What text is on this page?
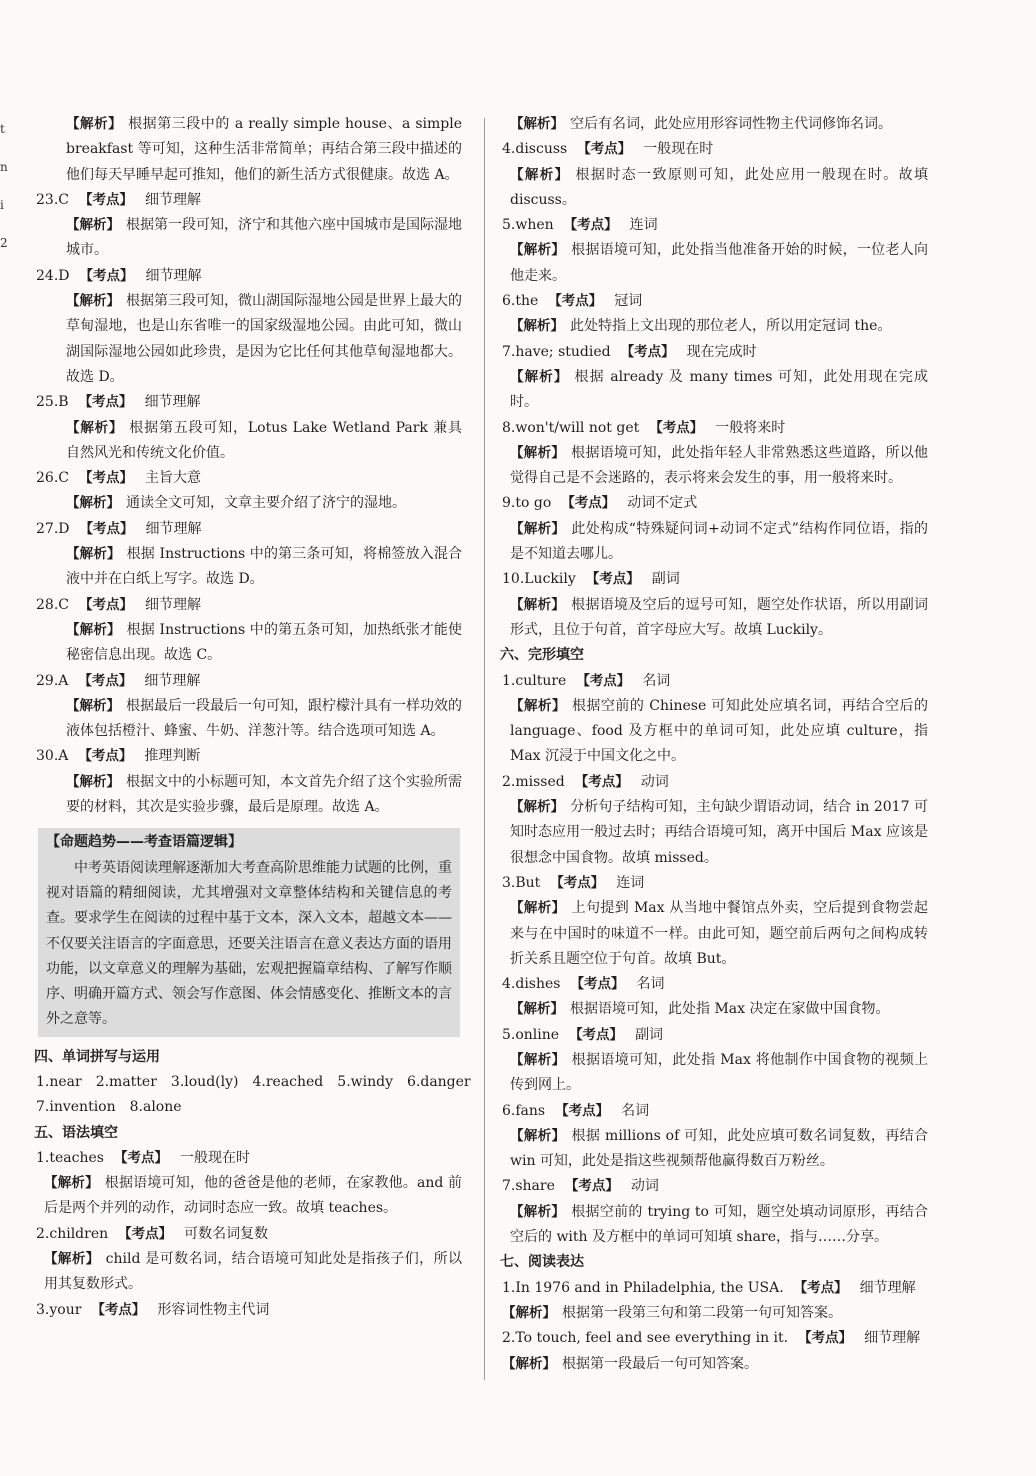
t
n
i
2
【解析】 根据第三段中的 a really simple house、a simple breakfast 等可知，这种生活非常简单；再结合第三段中描述的他们每天早睡早起可推知，他们的新生活方式很健康。故选 A。
23.C 【考点】 细节理解
【解析】 根据第一段可知，济宁和其他六座中国城市是国际湿地城市。
24.D 【考点】 细节理解
【解析】 根据第三段可知，微山湖国际湿地公园是世界上最大的草甸湿地，也是山东省唯一的国家级湿地公园。由此可知，微山湖国际湿地公园如此珍贵，是因为它比任何其他草甸湿地都大。故选 D。
25.B 【考点】 细节理解
【解析】 根据第五段可知，Lotus Lake Wetland Park 兼具自然风光和传统文化价值。
26.C 【考点】 主旨大意
【解析】 通读全文可知，文章主要介绍了济宁的湿地。
27.D 【考点】 细节理解
【解析】 根据 Instructions 中的第三条可知，将棉签放入混合液中并在白纸上写字。故选 D。
28.C 【考点】 细节理解
【解析】 根据 Instructions 中的第五条可知，加热纸张才能使秘密信息出现。故选 C。
29.A 【考点】 细节理解
【解析】 根据最后一段最后一句可知，跟柠檬汁具有一样功效的液体包括橙汁、蜂蜜、牛奶、洋葱汁等。结合选项可知选 A。
30.A 【考点】 推理判断
【解析】 根据文中的小标题可知，本文首先介绍了这个实验所需要的材料，其次是实验步骤，最后是原理。故选 A。
【命题趋势——考查语篇逻辑】
中考英语阅读理解逐渐加大考查高阶思维能力试题的比例，重视对语篇的精细阅读，尤其增强对文章整体结构和关键信息的考查。要求学生在阅读的过程中基于文本，深入文本，超越文本——不仅要关注语言的字面意思，还要关注语言在意义表达方面的语用功能，以文章意义的理解为基础，宏观把握篇章结构、了解写作顺序、明确开篇方式、领会写作意图、体会情感变化、推断文本的言外之意等。
四、单词拼写与运用
1.near 2.matter 3.loud(ly) 4.reached 5.windy 6.danger
7.invention 8.alone
五、语法填空
1.teaches 【考点】 一般现在时
【解析】 根据语境可知，他的爸爸是他的老师，在家教他。and 前后是两个并列的动作，动词时态应一致。故填 teaches。
2.children 【考点】 可数名词复数
【解析】 child 是可数名词，结合语境可知此处是指孩子们，所以用其复数形式。
3.your 【考点】 形容词性物主代词
【解析】 空后有名词，此处应用形容词性物主代词修饰名词。
4.discuss 【考点】 一般现在时
【解析】 根据时态一致原则可知，此处应用一般现在时。故填 discuss。
5.when 【考点】 连词
【解析】 根据语境可知，此处指当他准备开始的时候，一位老人向他走来。
6.the 【考点】 冠词
【解析】 此处特指上文出现的那位老人，所以用定冠词 the。
7.have; studied 【考点】 现在完成时
【解析】 根据 already 及 many times 可知，此处用现在完成时。
8.won't/will not get 【考点】 一般将来时
【解析】 根据语境可知，此处指年轻人非常熟悉这些道路，所以他觉得自己是不会迷路的，表示将来会发生的事，用一般将来时。
9.to go 【考点】 动词不定式
【解析】 此处构成“特殊疑问词+动词不定式”结构作同位语，指的是不知道去哪儿。
10.Luckily 【考点】 副词
【解析】 根据语境及空后的逗号可知，题空处作状语，所以用副词形式，且位于句首，首字母应大写。故填 Luckily。
六、完形填空
1.culture 【考点】 名词
【解析】 根据空前的 Chinese 可知此处应填名词，再结合空后的 language、food 及方框中的单词可知，此处应填 culture，指 Max 沉浸于中国文化之中。
2.missed 【考点】 动词
【解析】 分析句子结构可知，主句缺少谓语动词，结合 in 2017 可知时态应用一般过去时；再结合语境可知，离开中国后 Max 应该是很想念中国食物。故填 missed。
3.But 【考点】 连词
【解析】 上句提到 Max 从当地中餐馆点外卖，空后提到食物尝起来与在中国时的味道不一样。由此可知，题空前后两句之间构成转折关系且题空位于句首。故填 But。
4.dishes 【考点】 名词
【解析】 根据语境可知，此处指 Max 决定在家做中国食物。
5.online 【考点】 副词
【解析】 根据语境可知，此处指 Max 将他制作中国食物的视频上传到网上。
6.fans 【考点】 名词
【解析】 根据 millions of 可知，此处应填可数名词复数，再结合 win 可知，此处是指这些视频帮他赢得数百万粉丝。
7.share 【考点】 动词
【解析】 根据空前的 trying to 可知，题空处填动词原形，再结合空后的 with 及方框中的单词可知填 share，指与……分享。
七、阅读表达
1.In 1976 and in Philadelphia, the USA. 【考点】 细节理解
【解析】 根据第一段第三句和第二段第一句可知答案。
2.To touch, feel and see everything in it. 【考点】 细节理解
【解析】 根据第一段最后一句可知答案。
